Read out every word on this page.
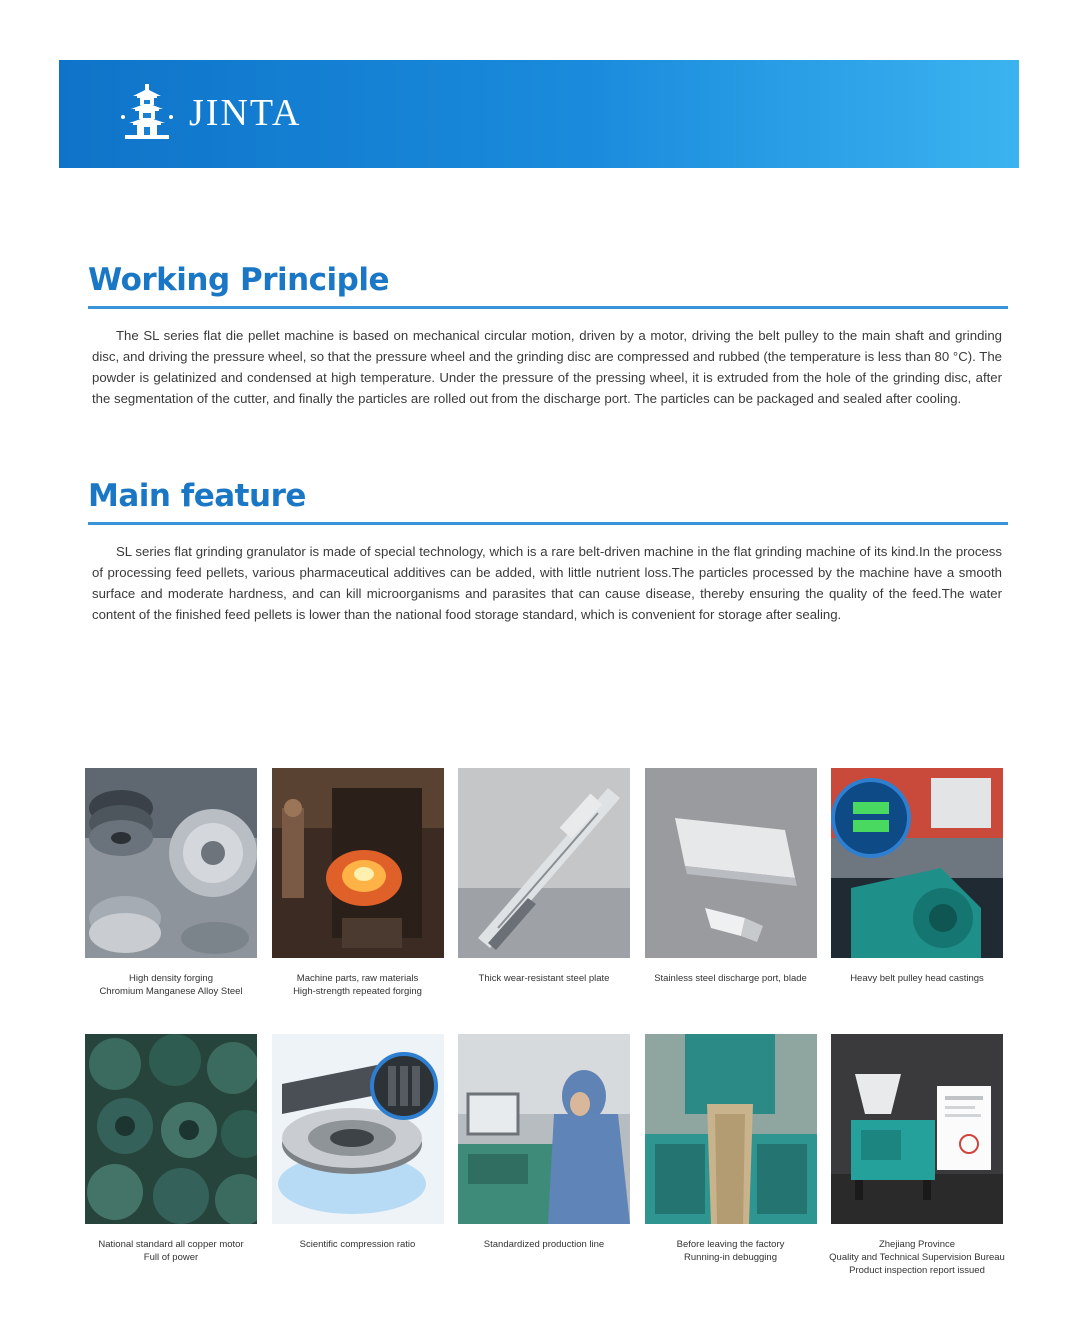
JINTA
Working Principle

The SL series flat die pellet machine is based on mechanical circular motion, driven by a motor, driving the belt pulley to the main shaft and grinding disc, and driving the pressure wheel, so that the pressure wheel and the grinding disc are compressed and rubbed (the temperature is less than 80 °C). The powder is gelatinized and condensed at high temperature. Under the pressure of the pressing wheel, it is extruded from the hole of the grinding disc, after the segmentation of the cutter, and finally the particles are rolled out from the discharge port. The particles can be packaged and sealed after cooling.

Main feature

SL series flat grinding granulator is made of special technology, which is a rare belt-driven machine in the flat grinding machine of its kind.In the process of processing feed pellets, various pharmaceutical additives can be added, with little nutrient loss.The particles processed by the machine have a smooth surface and moderate hardness, and can kill microorganisms and parasites that can cause disease, thereby ensuring the quality of the feed.The water content of the finished feed pellets is lower than the national food storage standard, which is convenient for storage after sealing.

High density forging
Chromium Manganese Alloy Steel
Machine parts, raw materials
High-strength repeated forging
Thick wear-resistant steel plate	Stainless steel discharge port, blade	Heavy belt pulley head castings
National standard all copper motor
Full of power
Scientific compression ratio	Standardized production line	Before leaving the factory
Running-in debugging
Zhejiang Province
Quality and Technical Supervision Bureau
Product inspection report issued
